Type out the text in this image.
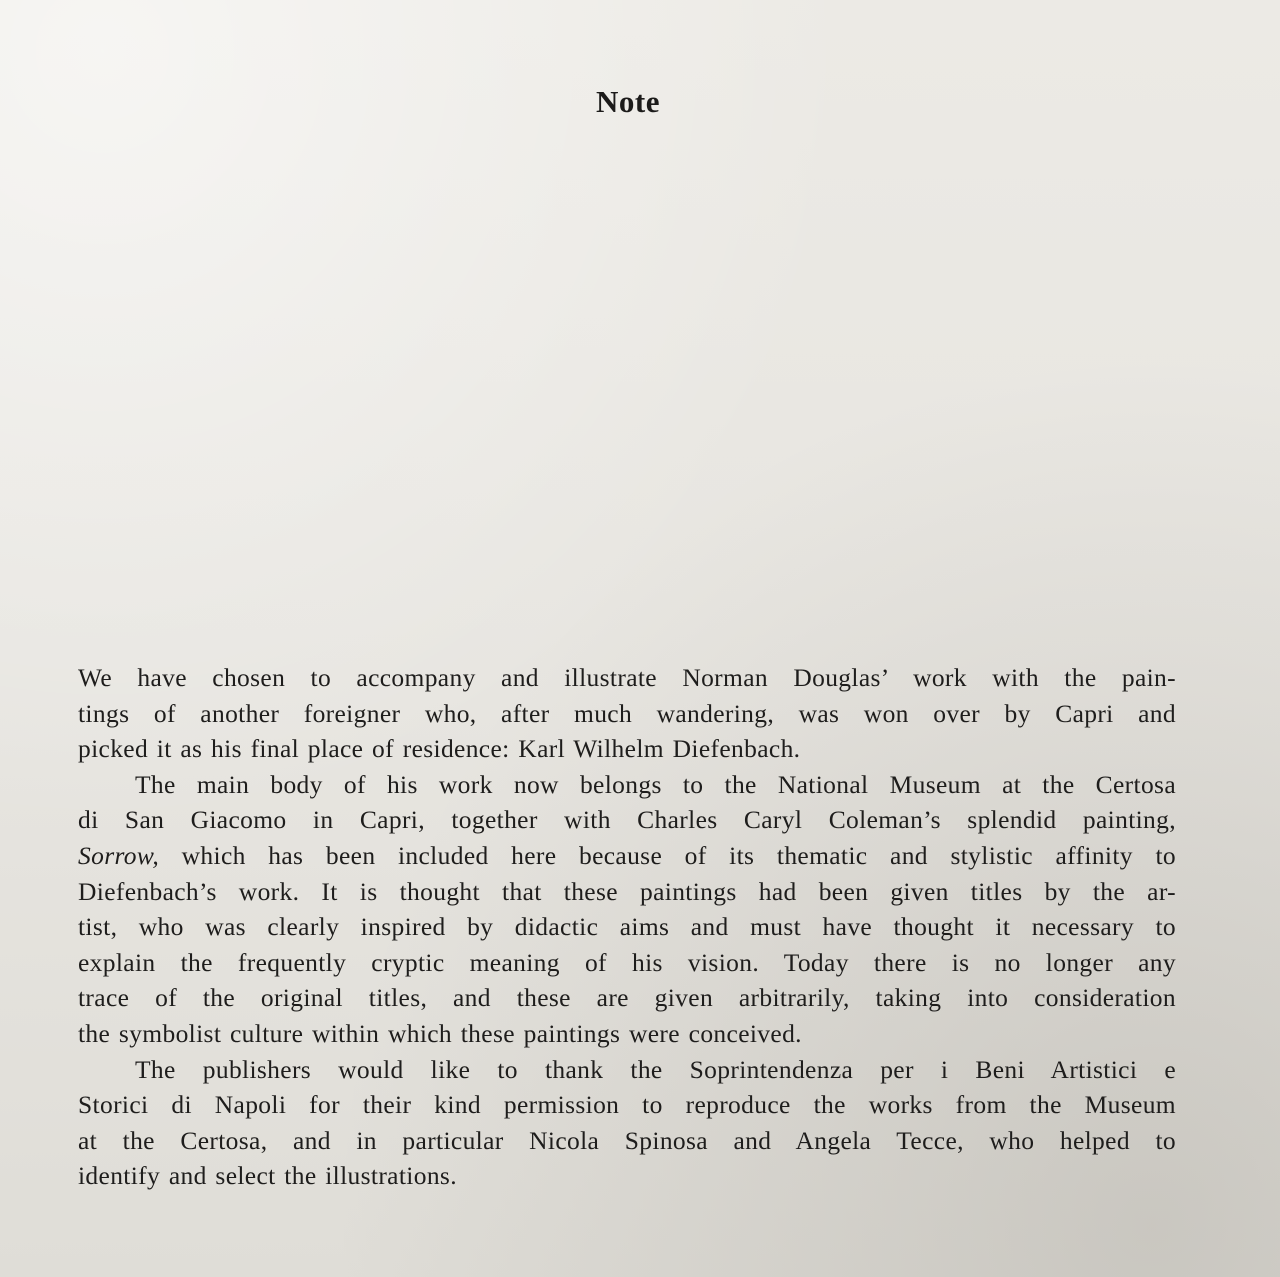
Note
We have chosen to accompany and illustrate Norman Douglas’ work with the pain-
tings of another foreigner who, after much wandering, was won over by Capri and
picked it as his final place of residence: Karl Wilhelm Diefenbach.
The main body of his work now belongs to the National Museum at the Certosa
di San Giacomo in Capri, together with Charles Caryl Coleman’s splendid painting,
Sorrow, which has been included here because of its thematic and stylistic affinity to
Diefenbach’s work. It is thought that these paintings had been given titles by the ar-
tist, who was clearly inspired by didactic aims and must have thought it necessary to
explain the frequently cryptic meaning of his vision. Today there is no longer any
trace of the original titles, and these are given arbitrarily, taking into consideration
the symbolist culture within which these paintings were conceived.
The publishers would like to thank the Soprintendenza per i Beni Artistici e
Storici di Napoli for their kind permission to reproduce the works from the Museum
at the Certosa, and in particular Nicola Spinosa and Angela Tecce, who helped to
identify and select the illustrations.
